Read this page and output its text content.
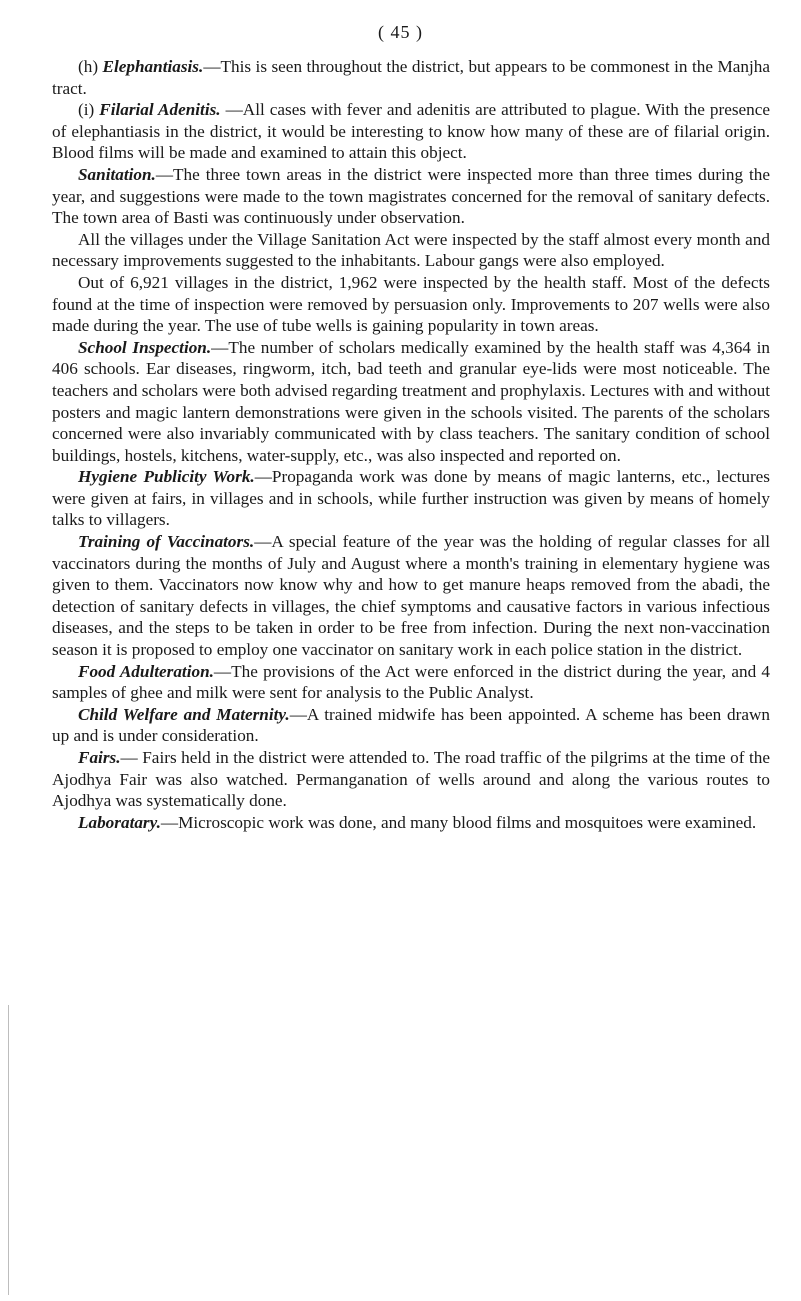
( 45 )

(h) Elephantiasis.—This is seen throughout the district, but appears to be commonest in the Manjha tract.

(i) Filarial Adenitis. —All cases with fever and adenitis are attributed to plague. With the presence of elephantiasis in the district, it would be interesting to know how many of these are of filarial origin. Blood films will be made and examined to attain this object.

Sanitation.—The three town areas in the district were inspected more than three times during the year, and suggestions were made to the town magistrates concerned for the removal of sanitary defects. The town area of Basti was continuously under observation.

All the villages under the Village Sanitation Act were inspected by the staff almost every month and necessary improvements suggested to the inhabitants. Labour gangs were also employed.

Out of 6,921 villages in the district, 1,962 were inspected by the health staff. Most of the defects found at the time of inspection were removed by persuasion only. Improvements to 207 wells were also made during the year. The use of tube wells is gaining popularity in town areas.

School Inspection.—The number of scholars medically examined by the health staff was 4,364 in 406 schools. Ear diseases, ringworm, itch, bad teeth and granular eye-lids were most noticeable. The teachers and scholars were both advised regarding treatment and prophylaxis. Lectures with and without posters and magic lantern demonstrations were given in the schools visited. The parents of the scholars concerned were also invariably communicated with by class teachers. The sanitary condition of school buildings, hostels, kitchens, water-supply, etc., was also inspected and reported on.

Hygiene Publicity Work.—Propaganda work was done by means of magic lanterns, etc., lectures were given at fairs, in villages and in schools, while further instruction was given by means of homely talks to villagers.

Training of Vaccinators.—A special feature of the year was the holding of regular classes for all vaccinators during the months of July and August where a month's training in elementary hygiene was given to them. Vaccinators now know why and how to get manure heaps removed from the abadi, the detection of sanitary defects in villages, the chief symptoms and causative factors in various infectious diseases, and the steps to be taken in order to be free from infection. During the next non-vaccination season it is proposed to employ one vaccinator on sanitary work in each police station in the district.

Food Adulteration.—The provisions of the Act were enforced in the district during the year, and 4 samples of ghee and milk were sent for analysis to the Public Analyst.

Child Welfare and Maternity.—A trained midwife has been appointed. A scheme has been drawn up and is under consideration.

Fairs.— Fairs held in the district were attended to. The road traffic of the pilgrims at the time of the Ajodhya Fair was also watched. Permanganation of wells around and along the various routes to Ajodhya was systematically done.

Laboratary.—Microscopic work was done, and many blood films and mosquitoes were examined.
